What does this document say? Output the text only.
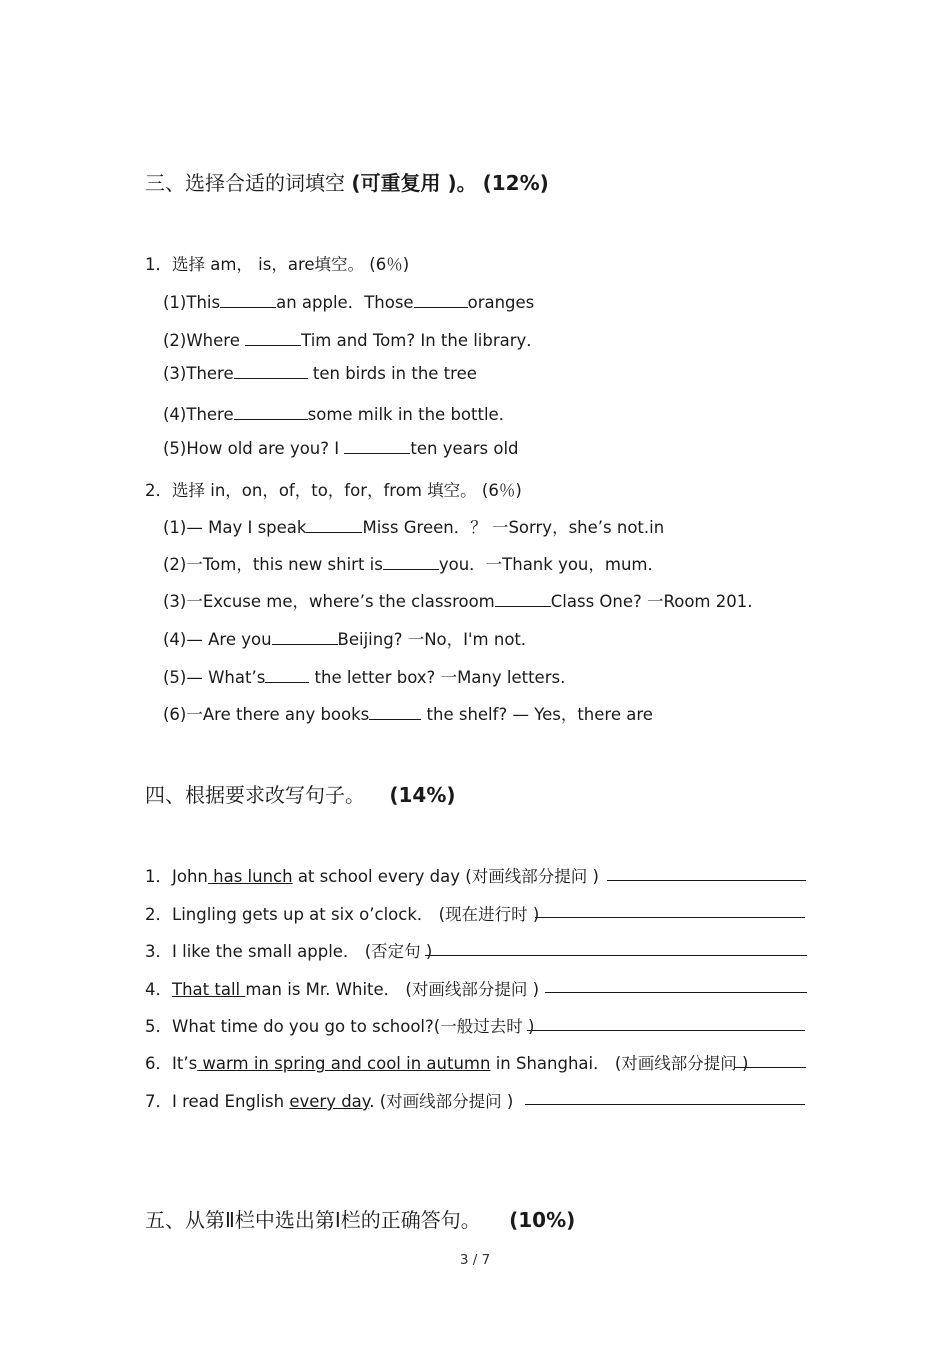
三、选择合适的词填空 (可重复用 )。 (12%)
1．选择 am， is，are填空。 (6％)
(1)This	an apple．Those	oranges
(2)Where	Tim and Tom? In the library．
(3)There	ten birds in the tree
(4)There	some milk in the bottle．
(5)How old are you? I	ten years old
2．选择 in，on，of，to，for，from 填空。 (6％)
(1)— May I speak	Miss Green．？ 一Sorry，she’s not.in
(2)一Tom，this new shirt is	you．一Thank you，mum．
(3)一Excuse me，where’s the classroom	Class One? 一Room 201.
(4)— Are you	Beijing? 一No，I'm not．
(5)— What’s	the letter box? 一Many letters.
(6)一Are there any books	the shelf? — Yes，there are
四、根据要求改写句子。 (14%)
1．John has lunch at school every day (对画线部分提问 )
2．Lingling gets up at six o’clock． (现在进行时 )
3．I like the small apple． (否定句 )
4．That tall man is Mr. White． (对画线部分提问 )
5．What time do you go to school?(一般过去时 )
6．It’s warm in spring and cool in autumn in Shanghai． (对画线部分提问 )
7．I read English every day. (对画线部分提问 )
五、从第Ⅱ栏中选出第Ⅰ栏的正确答句。 (10%)
3 / 7
